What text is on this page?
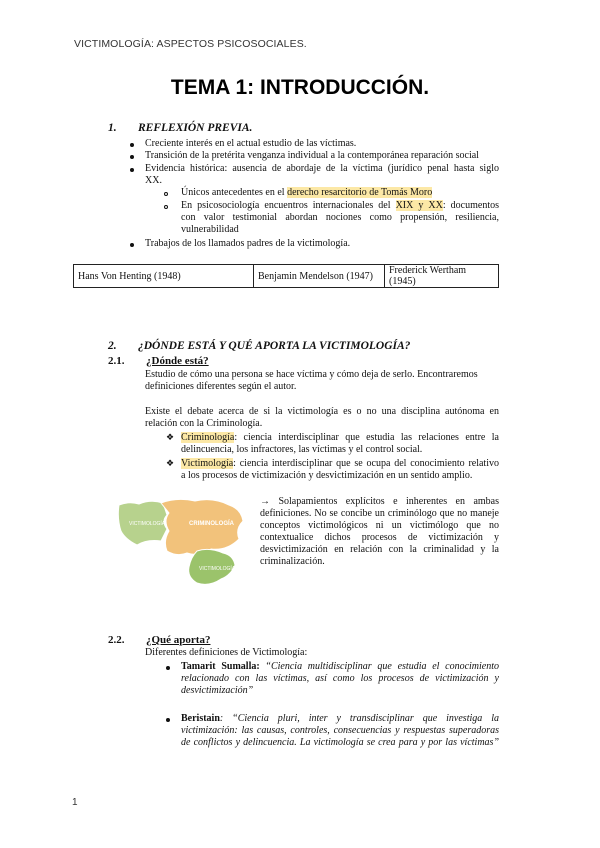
VICTIMOLOGÍA: ASPECTOS PSICOSOCIALES.
TEMA 1: INTRODUCCIÓN.
1. REFLEXIÓN PREVIA.
Creciente interés en el actual estudio de las víctimas.
Transición de la pretérita venganza individual a la contemporánea reparación social
Evidencia histórica: ausencia de abordaje de la víctima (jurídico penal hasta siglo
XX.
Únicos antecedentes en el derecho resarcitorio de Tomás Moro
En psicosociología encuentros internacionales del XIX y XX: documentos
con valor testimonial abordan nociones como propensión, resiliencia,
vulnerabilidad
Trabajos de los llamados padres de la victimología.
Hans Von Henting (1948)	Benjamin Mendelson (1947)	Frederick Wertham (1945)
2. ¿DÓNDE ESTÁ Y QUÉ APORTA LA VICTIMOLOGÍA?
2.1. ¿Dónde está?
Estudio de cómo una persona se hace víctima y cómo deja de serlo. Encontraremos
definiciones diferentes según el autor.
Existe el debate acerca de si la victimología es o no una disciplina autónoma en
relación con la Criminología.
❖ Criminología: ciencia interdisciplinar que estudia las relaciones entre la
delincuencia, los infractores, las víctimas y el control social.
❖ Victimología: ciencia interdisciplinar que se ocupa del conocimiento relativo
a los procesos de victimización y desvictimización en un sentido amplio.
VICTIMOLOGÍA	CRIMINOLOGÍA
VICTIMOLOGÍA
→ Solapamientos explícitos e inherentes en ambas
definiciones. No se concibe un criminólogo que no maneje
conceptos victimológicos ni un victimólogo que no
contextualice dichos procesos de victimización y
desvictimización en relación con la criminalidad y la
criminalización.
2.2. ¿Qué aporta?
Diferentes definiciones de Victimología:
Tamarit Sumalla: “Ciencia multidisciplinar que estudia el conocimiento
relacionado con las víctimas, así como los procesos de victimización y
desvictimización”
Beristain: “Ciencia pluri, inter y transdisciplinar que investiga la
victimización: las causas, controles, consecuencias y respuestas superadoras
de conflictos y delincuencia. La victimología se crea para y por las víctimas”
1
